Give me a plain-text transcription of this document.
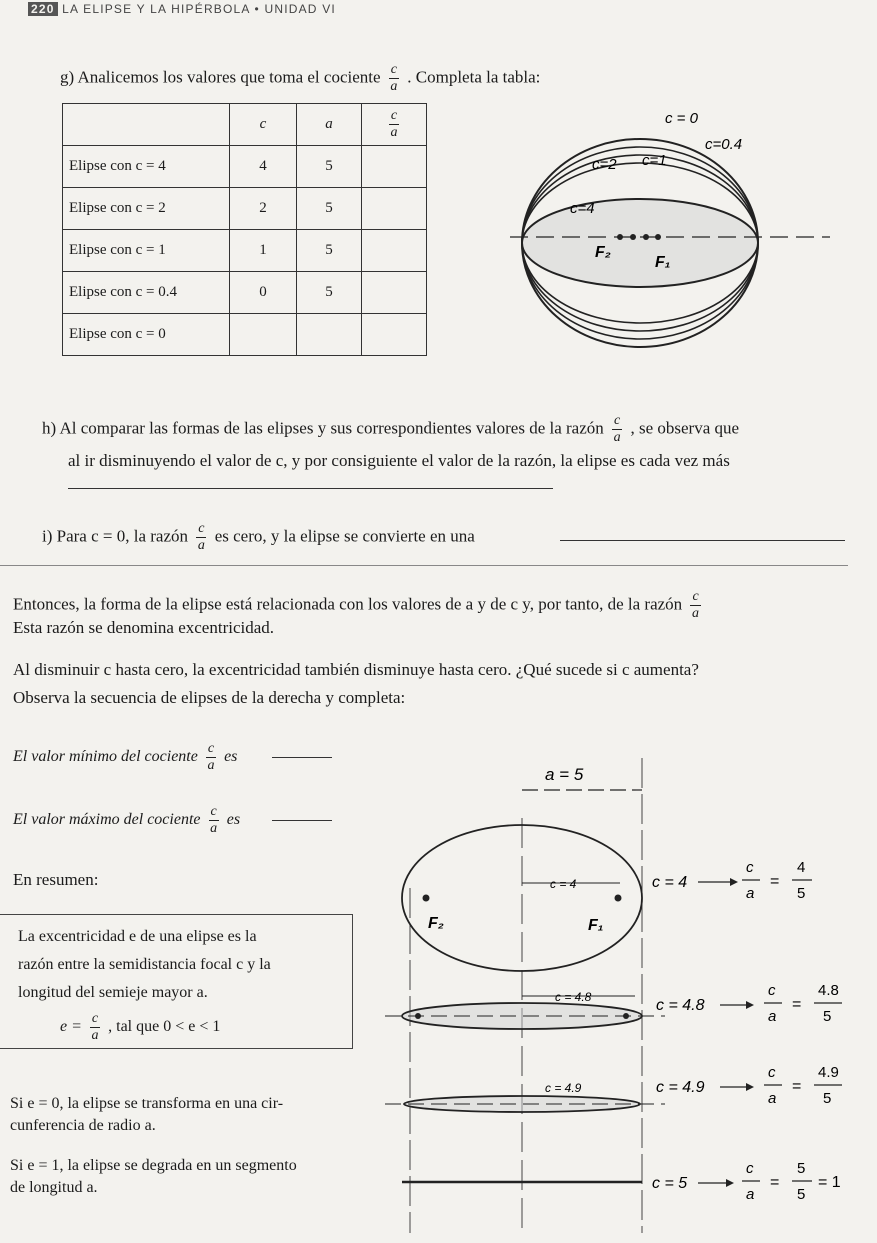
220 LA ELIPSE Y LA HIPÉRBOLA • UNIDAD VI
g) Analicemos los valores que toma el cociente $\frac{c}{a}$ . Completa la tabla:
	c	a	$\frac{c}{a}$

Elipse con c = 4	4	5	
Elipse con c = 2	2	5	
Elipse con c = 1	1	5	
Elipse con c = 0.4	0	5	
Elipse con c = 0			
c = 0
c=0.4
c=2 c=1
c=4
F₂
F₁
h) Al comparar las formas de las elipses y sus correspondientes valores de la razón $\frac{c}{a}$ , se observa que
al ir disminuyendo el valor de c, y por consiguiente el valor de la razón, la elipse es cada vez más
i) Para c = 0, la razón $\frac{c}{a}$ es cero, y la elipse se convierte en una
Entonces, la forma de la elipse está relacionada con los valores de a y de c y, por tanto, de la razón $\frac{c}{a}$
Esta razón se denomina excentricidad.
Al disminuir c hasta cero, la excentricidad también disminuye hasta cero. ¿Qué sucede si c aumenta?
Observa la secuencia de elipses de la derecha y completa:
El valor mínimo del cociente $\frac{c}{a}$ es
El valor máximo del cociente $\frac{c}{a}$ es
En resumen:
La excentricidad e de una elipse es la
razón entre la semidistancia focal c y la
longitud del semieje mayor a.
$e = \frac{c}{a}$ , tal que 0 < e < 1
Si e = 0, la elipse se transforma en una cir-
cunferencia de radio a.
Si e = 1, la elipse se degrada en un segmento
de longitud a.
a = 5
c = 4
F₂	F₁
c = 4.8
c = 4.9
c = 4
c
a
=
4
5
c = 4.8
c
a
=
4.8
5
c = 4.9
c
a
=
4.9
5
c = 5
c
a
=
5
5
= 1
